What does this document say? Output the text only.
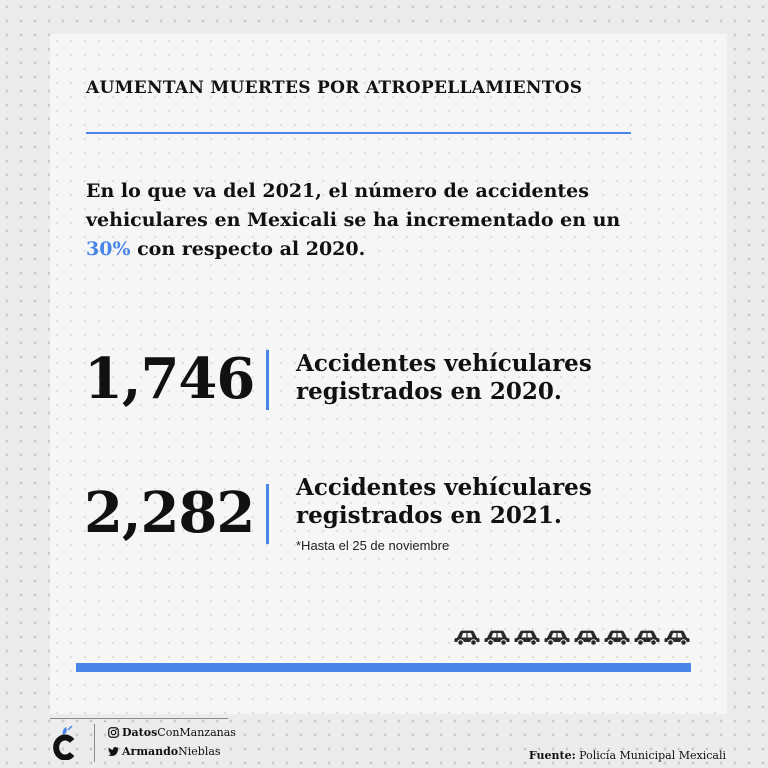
AUMENTAN MUERTES POR ATROPELLAMIENTOS

En lo que va del 2021, el número de accidentes vehiculares en Mexicali se ha incrementado en un 30% con respecto al 2020.

1,746 Accidentes vehículares
registrados en 2020.
2,282 Accidentes vehículares
registrados en 2021.
*Hasta el 25 de noviembre
DatosConManzanas
ArmandoNieblas	Fuente: Policía Municipal Mexicali
